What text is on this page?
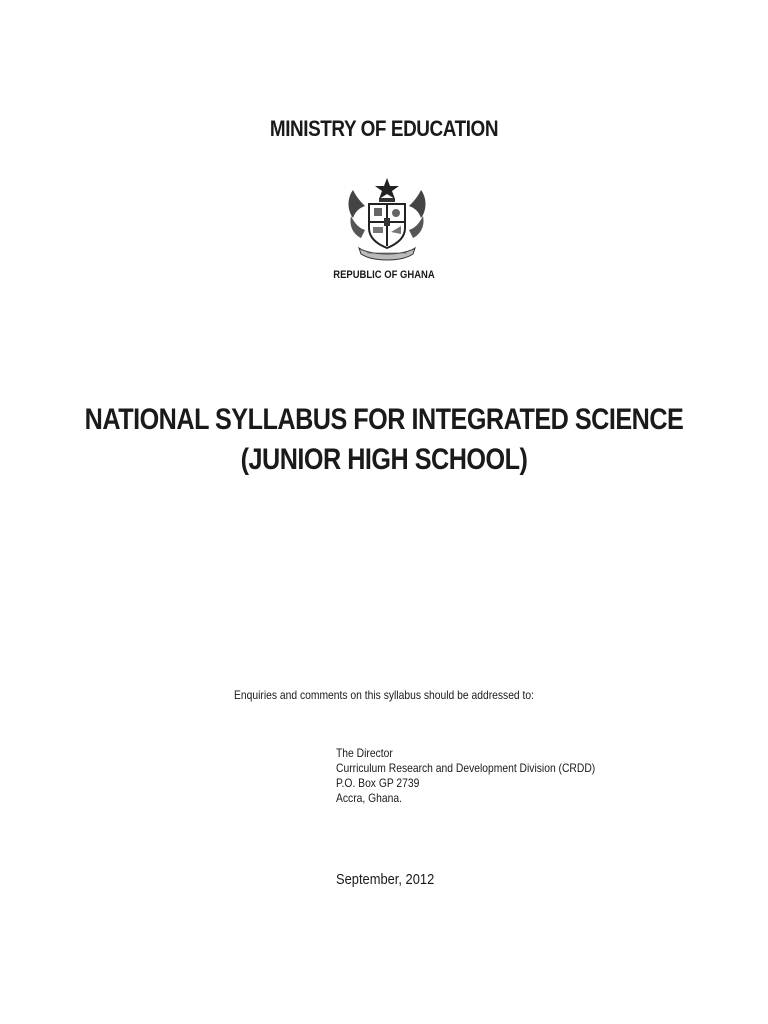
MINISTRY OF EDUCATION
REPUBLIC OF GHANA
NATIONAL SYLLABUS FOR INTEGRATED SCIENCE
(JUNIOR HIGH SCHOOL)
Enquiries and comments on this syllabus should be addressed to:
The Director
Curriculum Research and Development Division (CRDD)
P.O. Box GP 2739
Accra, Ghana.
September, 2012
